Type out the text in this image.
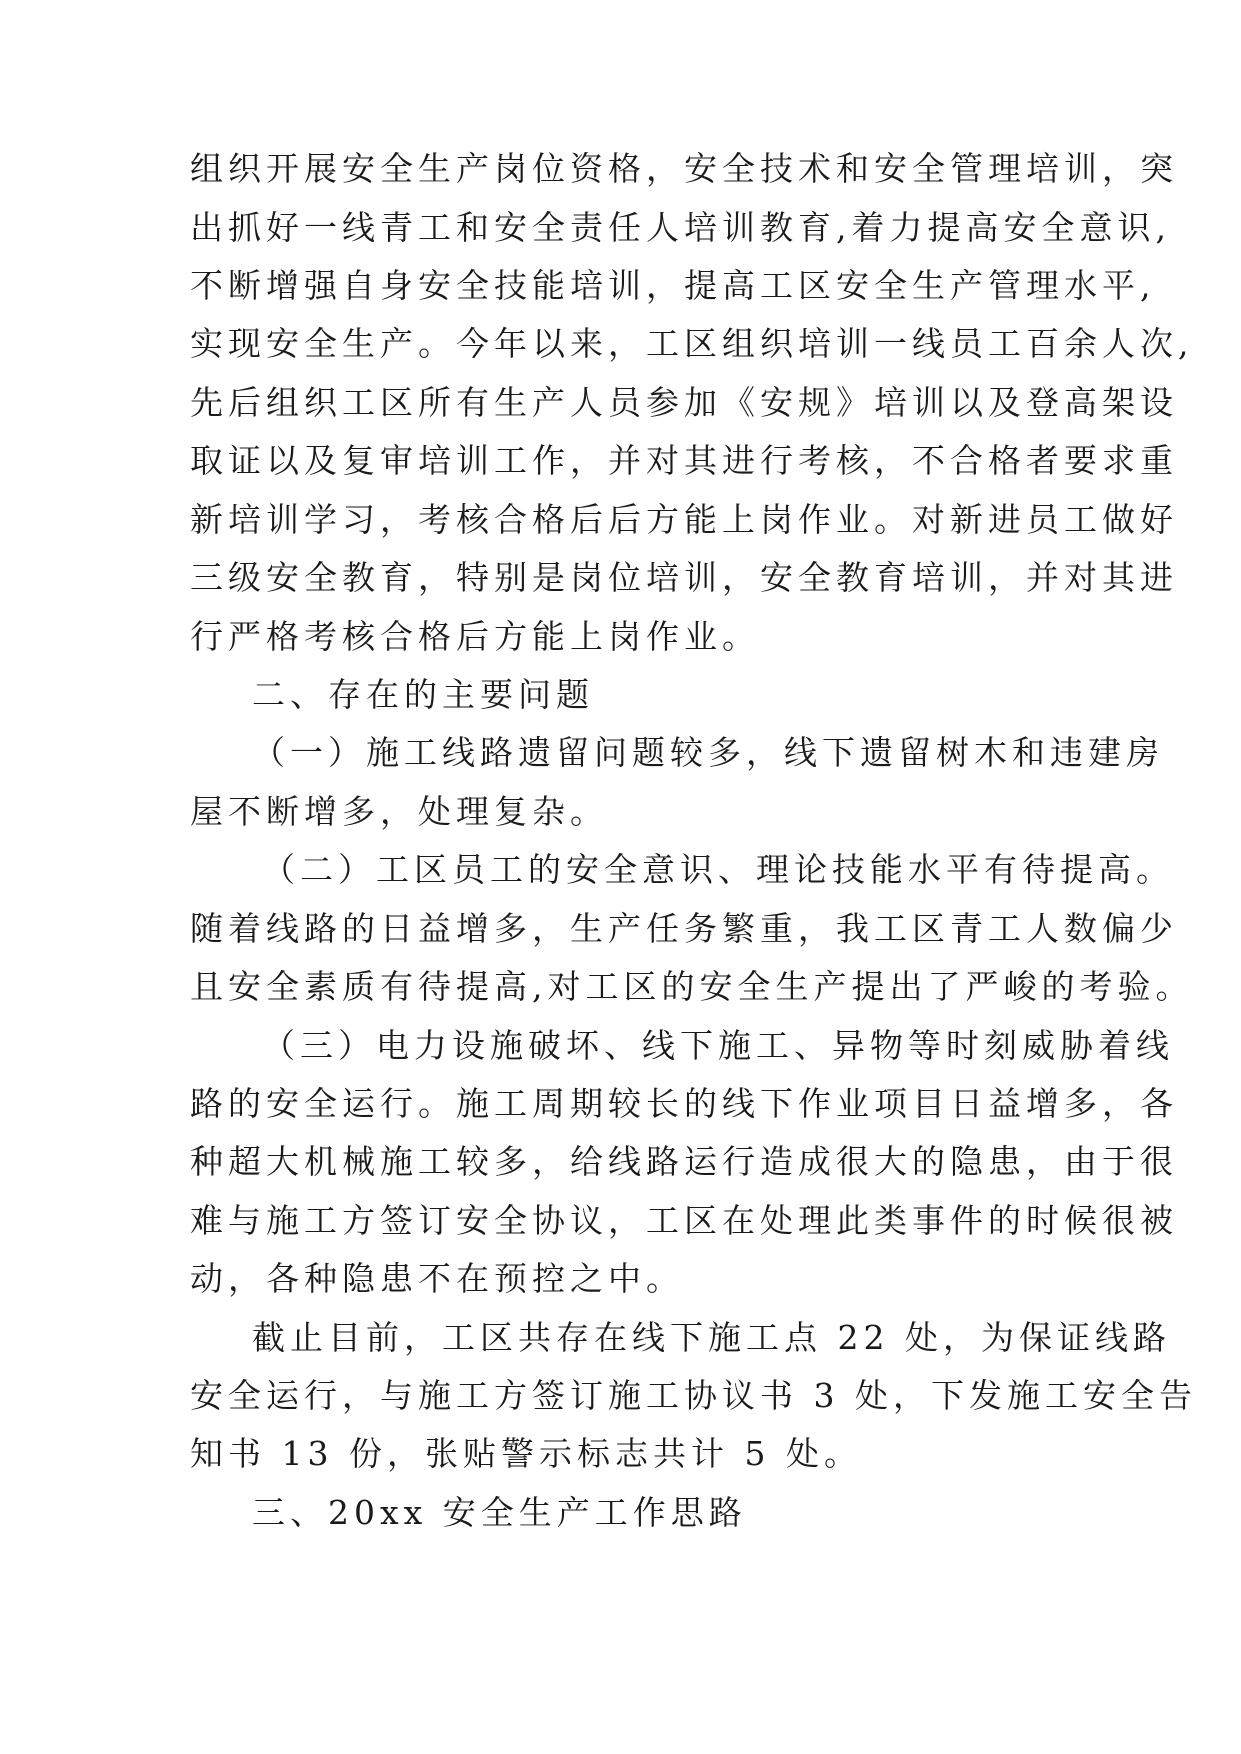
组织开展安全生产岗位资格，安全技术和安全管理培训，突
出抓好一线青工和安全责任人培训教育,着力提高安全意识,
不断增强自身安全技能培训，提高工区安全生产管理水平,
实现安全生产。今年以来，工区组织培训一线员工百余人次,
先后组织工区所有生产人员参加《安规》培训以及登高架设
取证以及复审培训工作，并对其进行考核，不合格者要求重
新培训学习，考核合格后后方能上岗作业。对新进员工做好
三级安全教育，特别是岗位培训，安全教育培训，并对其进
行严格考核合格后方能上岗作业。
二、存在的主要问题
（一）施工线路遗留问题较多，线下遗留树木和违建房
屋不断增多，处理复杂。
（二）工区员工的安全意识、理论技能水平有待提高。
随着线路的日益增多，生产任务繁重，我工区青工人数偏少
且安全素质有待提高,对工区的安全生产提出了严峻的考验。
（三）电力设施破坏、线下施工、异物等时刻威胁着线
路的安全运行。施工周期较长的线下作业项目日益增多，各
种超大机械施工较多，给线路运行造成很大的隐患，由于很
难与施工方签订安全协议，工区在处理此类事件的时候很被
动，各种隐患不在预控之中。
截止目前，工区共存在线下施工点 22 处，为保证线路
安全运行，与施工方签订施工协议书 3 处，下发施工安全告
知书 13 份，张贴警示标志共计 5 处。
三、20xx 安全生产工作思路
